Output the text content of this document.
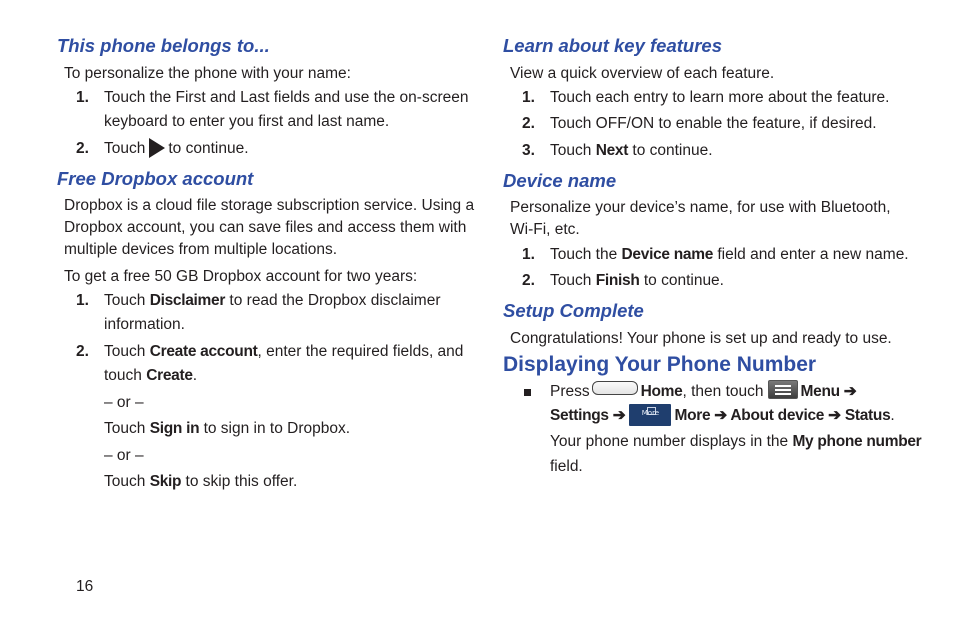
This phone belongs to...

To personalize the phone with your name:

1. Touch the First and Last fields and use the on-screen

keyboard to enter you first and last name.

2. Touch to continue.

Free Dropbox account

Dropbox is a cloud file storage subscription service. Using a

Dropbox account, you can save files and access them with

multiple devices from multiple locations.

To get a free 50 GB Dropbox account for two years:

1. Touch Disclaimer to read the Dropbox disclaimer

information.

2. Touch Create account, enter the required fields, and

touch Create.

– or –

Touch Sign in to sign in to Dropbox.

– or –

Touch Skip to skip this offer.

16
Learn about key features

View a quick overview of each feature.

1. Touch each entry to learn more about the feature.

2. Touch OFF/ON to enable the feature, if desired.

3. Touch Next to continue.

Device name

Personalize your device’s name, for use with Bluetooth,

Wi-Fi, etc.

1. Touch the Device name field and enter a new name.

2. Touch Finish to continue.

Setup Complete

Congratulations! Your phone is set up and ready to use.

Displaying Your Phone Number

Press	Home, then touch Menu ➔

Settings ➔	More More ➔ About device ➔ Status.

Your phone number displays in the My phone number

field.
